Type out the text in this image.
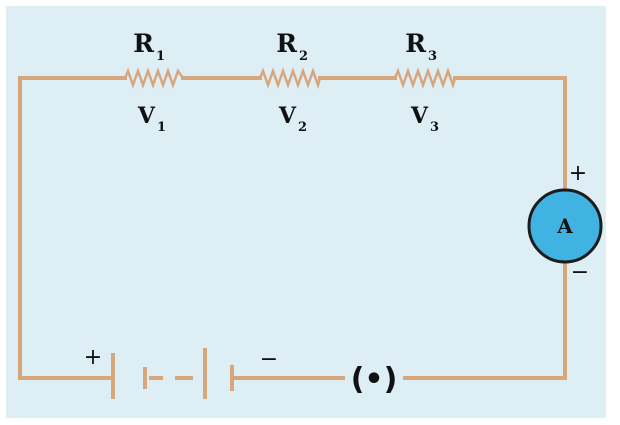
R 1	R 2	R 3
V 1	V 2	V 3
+
A
−
+	−
(•)
